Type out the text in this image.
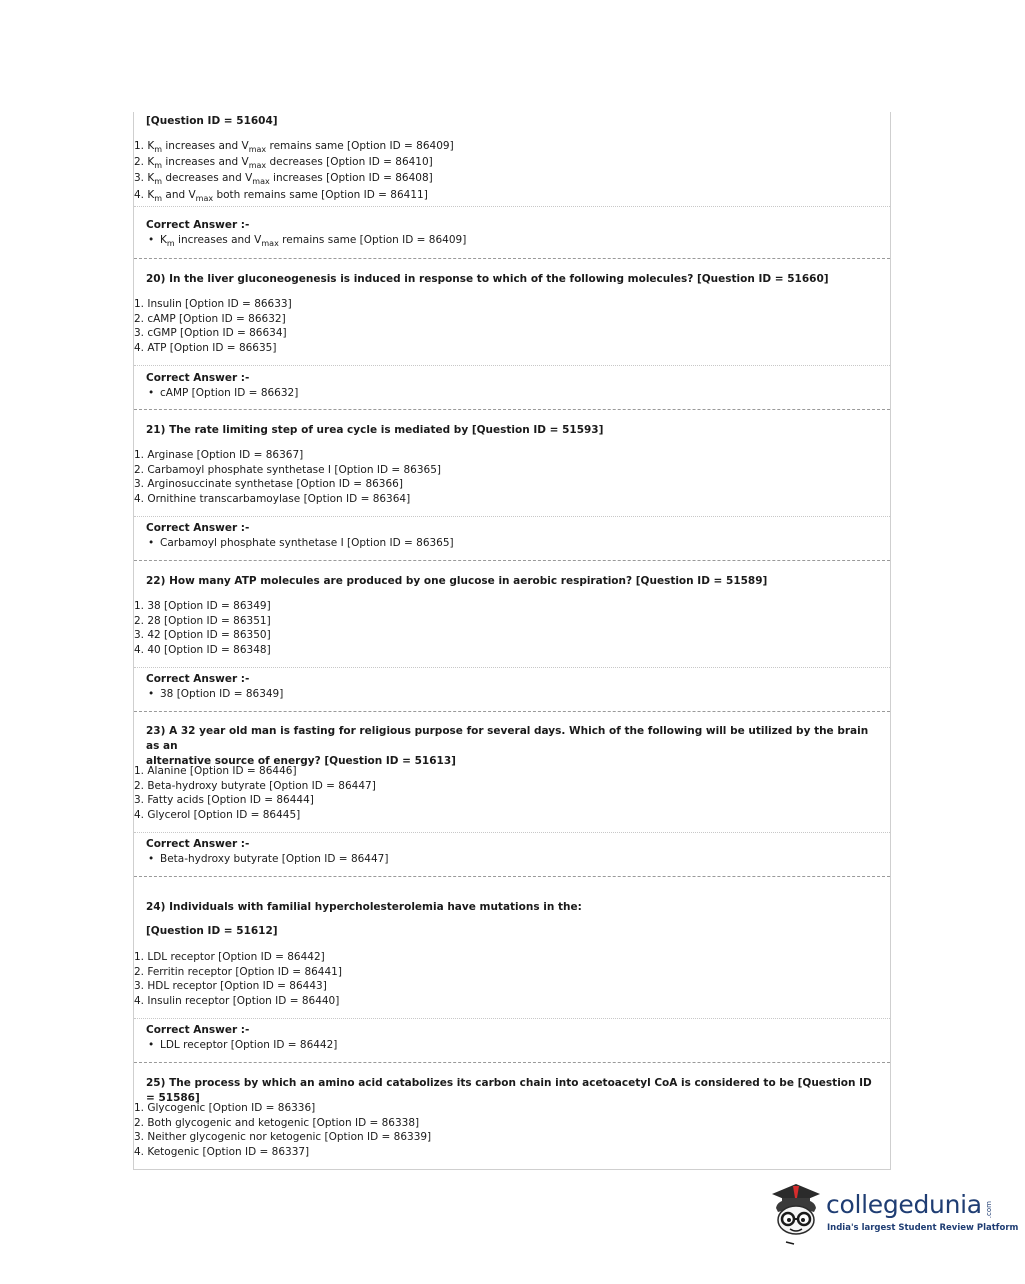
[Question ID = 51604]

1. $K_m$ increases and $V_{max}$ remains same [Option ID = 86409]
2. $K_m$ increases and $V_{max}$ decreases [Option ID = 86410]
3. $K_m$ decreases and $V_{max}$ increases [Option ID = 86408]
4. $K_m$ and $V_{max}$ both remains same [Option ID = 86411]

Correct Answer :-

• $K_m$ increases and $V_{max}$ remains same [Option ID = 86409]

20) In the liver gluconeogenesis is induced in response to which of the following molecules? [Question ID = 51660]

1. Insulin [Option ID = 86633]
2. cAMP [Option ID = 86632]
3. cGMP [Option ID = 86634]
4. ATP [Option ID = 86635]

Correct Answer :-

• cAMP [Option ID = 86632]

21) The rate limiting step of urea cycle is mediated by [Question ID = 51593]

1. Arginase [Option ID = 86367]
2. Carbamoyl phosphate synthetase I [Option ID = 86365]
3. Arginosuccinate synthetase [Option ID = 86366]
4. Ornithine transcarbamoylase [Option ID = 86364]

Correct Answer :-

• Carbamoyl phosphate synthetase I [Option ID = 86365]

22) How many ATP molecules are produced by one glucose in aerobic respiration? [Question ID = 51589]

1. 38 [Option ID = 86349]
2. 28 [Option ID = 86351]
3. 42 [Option ID = 86350]
4. 40 [Option ID = 86348]

Correct Answer :-

• 38 [Option ID = 86349]

23) A 32 year old man is fasting for religious purpose for several days. Which of the following will be utilized by the brain as an

alternative source of energy? [Question ID = 51613]

1. Alanine [Option ID = 86446]
2. Beta-hydroxy butyrate [Option ID = 86447]
3. Fatty acids [Option ID = 86444]
4. Glycerol [Option ID = 86445]

Correct Answer :-

• Beta-hydroxy butyrate [Option ID = 86447]

24) Individuals with familial hypercholesterolemia have mutations in the:

[Question ID = 51612]

1. LDL receptor [Option ID = 86442]
2. Ferritin receptor [Option ID = 86441]
3. HDL receptor [Option ID = 86443]
4. Insulin receptor [Option ID = 86440]

Correct Answer :-

• LDL receptor [Option ID = 86442]

25) The process by which an amino acid catabolizes its carbon chain into acetoacetyl CoA is considered to be [Question ID = 51586]

1. Glycogenic [Option ID = 86336]
2. Both glycogenic and ketogenic [Option ID = 86338]
3. Neither glycogenic nor ketogenic [Option ID = 86339]
4. Ketogenic [Option ID = 86337]
collegedunia .com
India's largest Student Review Platform
